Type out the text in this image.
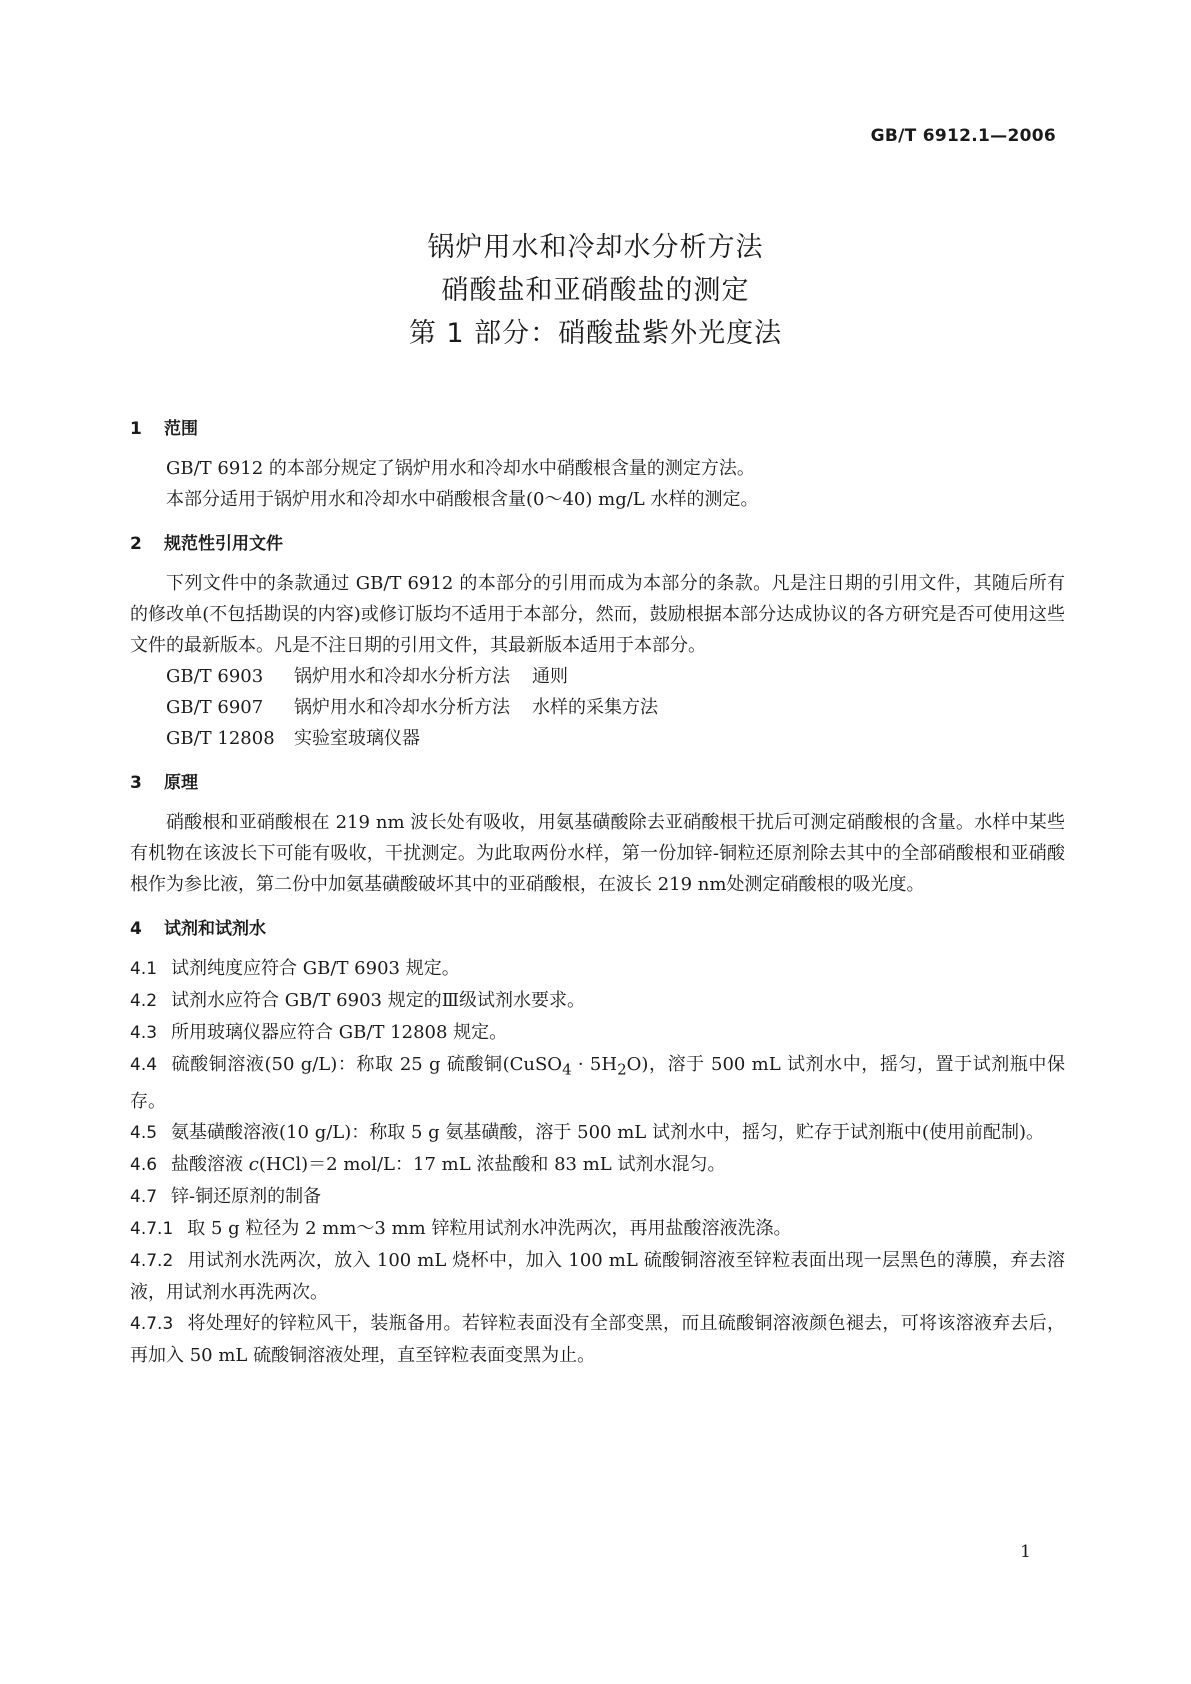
GB/T 6912.1—2006
锅炉用水和冷却水分析方法
硝酸盐和亚硝酸盐的测定
第 1 部分：硝酸盐紫外光度法
1 范围

GB/T 6912 的本部分规定了锅炉用水和冷却水中硝酸根含量的测定方法。

本部分适用于锅炉用水和冷却水中硝酸根含量(0～40) mg/L 水样的测定。

2 规范性引用文件

下列文件中的条款通过 GB/T 6912 的本部分的引用而成为本部分的条款。凡是注日期的引用文件，其随后所有的修改单(不包括勘误的内容)或修订版均不适用于本部分，然而，鼓励根据本部分达成协议的各方研究是否可使用这些文件的最新版本。凡是不注日期的引用文件，其最新版本适用于本部分。

GB/T 6903 锅炉用水和冷却水分析方法 通则

GB/T 6907 锅炉用水和冷却水分析方法 水样的采集方法

GB/T 12808 实验室玻璃仪器

3 原理

硝酸根和亚硝酸根在 219 nm 波长处有吸收，用氨基磺酸除去亚硝酸根干扰后可测定硝酸根的含量。水样中某些有机物在该波长下可能有吸收，干扰测定。为此取两份水样，第一份加锌-铜粒还原剂除去其中的全部硝酸根和亚硝酸根作为参比液，第二份中加氨基磺酸破坏其中的亚硝酸根，在波长 219 nm处测定硝酸根的吸光度。

4 试剂和试剂水

4.1 试剂纯度应符合 GB/T 6903 规定。

4.2 试剂水应符合 GB/T 6903 规定的Ⅲ级试剂水要求。

4.3 所用玻璃仪器应符合 GB/T 12808 规定。

4.4 硫酸铜溶液(50 g/L)：称取 25 g 硫酸铜(CuSO$_4$ · $5H_2O$)，溶于 500 mL 试剂水中，摇匀，置于试剂瓶中保存。

4.5 氨基磺酸溶液(10 g/L)：称取 5 g 氨基磺酸，溶于 500 mL 试剂水中，摇匀，贮存于试剂瓶中(使用前配制)。

4.6 盐酸溶液 c(HCl)＝2 mol/L：17 mL 浓盐酸和 83 mL 试剂水混匀。

4.7 锌-铜还原剂的制备

4.7.1 取 5 g 粒径为 2 mm～3 mm 锌粒用试剂水冲洗两次，再用盐酸溶液洗涤。

4.7.2 用试剂水洗两次，放入 100 mL 烧杯中，加入 100 mL 硫酸铜溶液至锌粒表面出现一层黑色的薄膜，弃去溶液，用试剂水再洗两次。

4.7.3 将处理好的锌粒风干，装瓶备用。若锌粒表面没有全部变黑，而且硫酸铜溶液颜色褪去，可将该溶液弃去后，再加入 50 mL 硫酸铜溶液处理，直至锌粒表面变黑为止。

1
